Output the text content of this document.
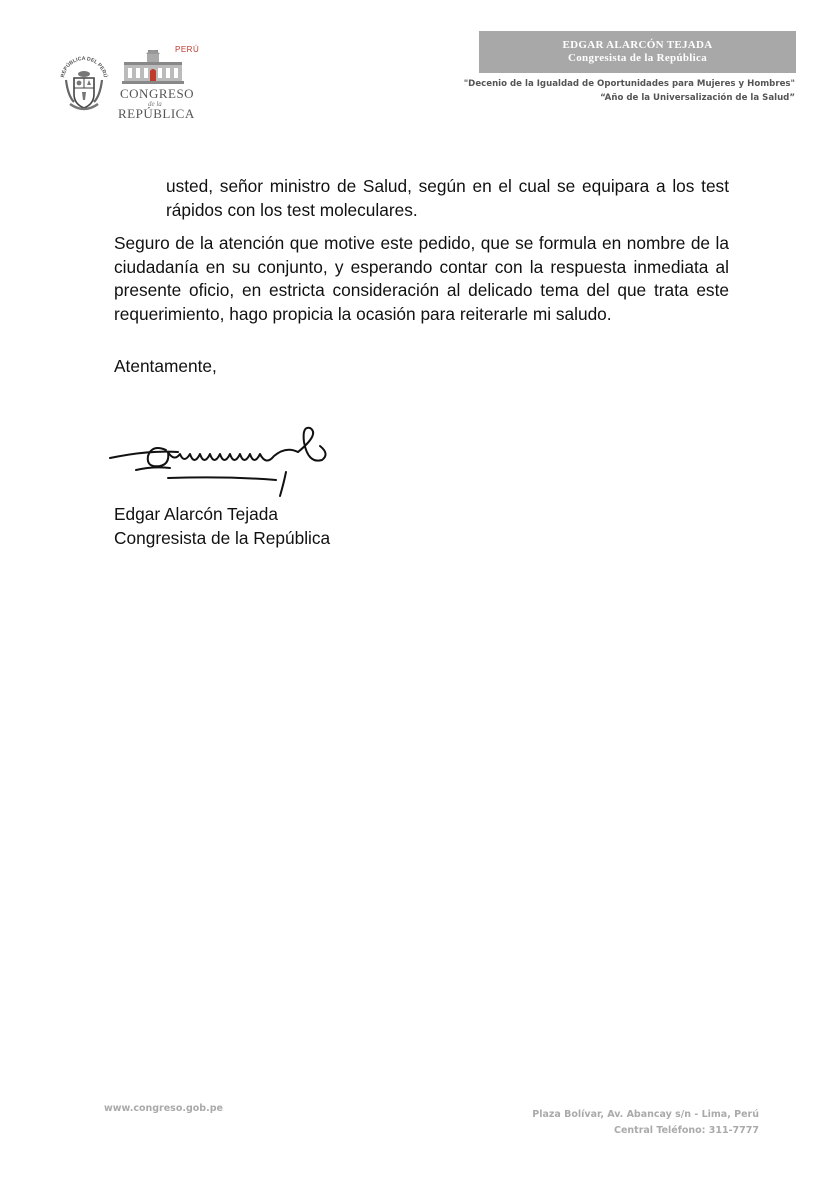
REPÚBLICA DEL PERÚ
PERÚ
CONGRESO
de la
REPÚBLICA
EDGAR ALARCÓN TEJADA
Congresista de la República
"Decenio de la Igualdad de Oportunidades para Mujeres y Hombres"
“Año de la Universalización de la Salud”
usted, señor ministro de Salud, según en el cual se equipara a los test rápidos con los test moleculares.
Seguro de la atención que motive este pedido, que se formula en nombre de la ciudadanía en su conjunto, y esperando contar con la respuesta inmediata al presente oficio, en estricta consideración al delicado tema del que trata este requerimiento, hago propicia la ocasión para reiterarle mi saludo.
Atentamente,
Edgar Alarcón Tejada
Congresista de la República
www.congreso.gob.pe
Plaza Bolívar, Av. Abancay s/n - Lima, Perú
Central Teléfono: 311-7777
